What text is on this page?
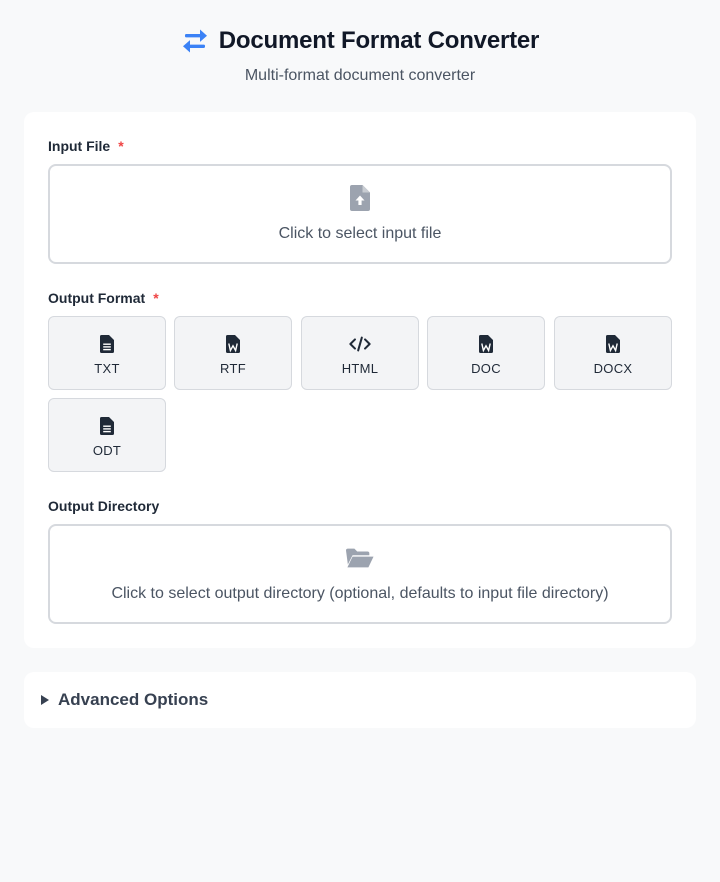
Document Format Converter
Multi-format document converter
Input File *
Click to select input file
Output Format *
TXT	RTF	HTML	DOC	DOCX
ODT
Output Directory
Click to select output directory (optional, defaults to input file directory)
Advanced Options
